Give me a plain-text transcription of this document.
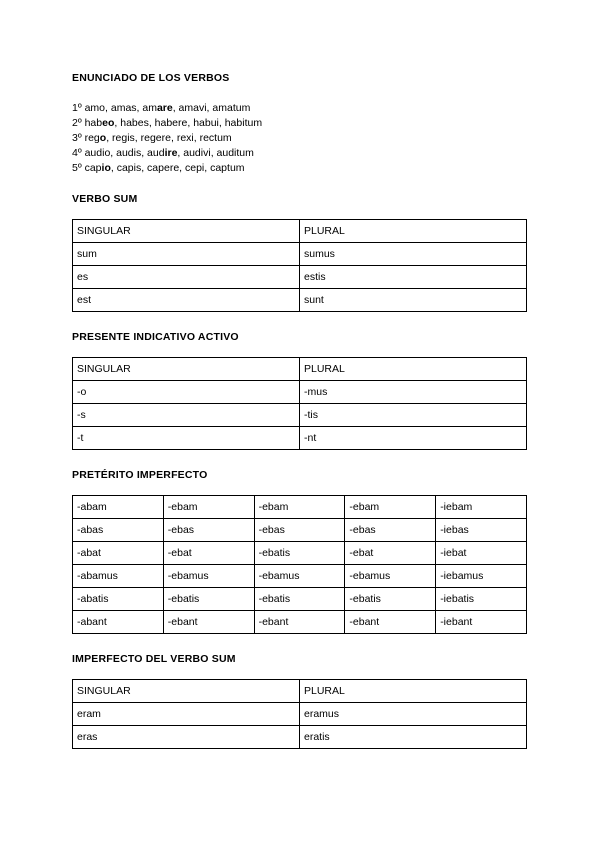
ENUNCIADO DE LOS VERBOS
1º amo, amas, amare, amavi, amatum
2º habeo, habes, habere, habui, habitum
3º rego, regis, regere, rexi, rectum
4º audio, audis, audire, audivi, auditum
5º capio, capis, capere, cepi, captum
VERBO SUM
SINGULAR	PLURAL
sum	sumus
es	estis
est	sunt
PRESENTE INDICATIVO ACTIVO
SINGULAR	PLURAL
-o	-mus
-s	-tis
-t	-nt
PRETÉRITO IMPERFECTO
-abam	-ebam	-ebam	-ebam	-iebam
-abas	-ebas	-ebas	-ebas	-iebas
-abat	-ebat	-ebatis	-ebat	-iebat
-abamus	-ebamus	-ebamus	-ebamus	-iebamus
-abatis	-ebatis	-ebatis	-ebatis	-iebatis
-abant	-ebant	-ebant	-ebant	-iebant
IMPERFECTO DEL VERBO SUM
SINGULAR	PLURAL
eram	eramus
eras	eratis
